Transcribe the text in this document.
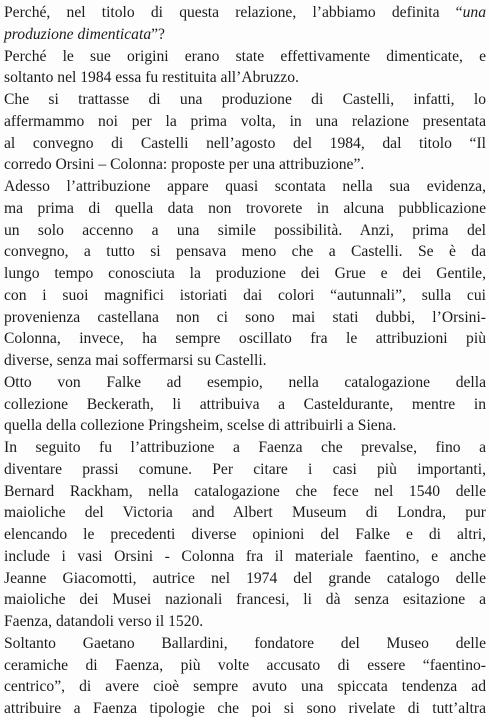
Perché, nel titolo di questa relazione, l’abbiamo definita “una
produzione dimenticata”?
Perché le sue origini erano state effettivamente dimenticate, e
soltanto nel 1984 essa fu restituita all’Abruzzo.
Che si trattasse di una produzione di Castelli, infatti, lo
affermammo noi per la prima volta, in una relazione presentata
al convegno di Castelli nell’agosto del 1984, dal titolo “Il
corredo Orsini – Colonna: proposte per una attribuzione”.
Adesso l’attribuzione appare quasi scontata nella sua evidenza,
ma prima di quella data non trovorete in alcuna pubblicazione
un solo accenno a una simile possibilità. Anzi, prima del
convegno, a tutto si pensava meno che a Castelli. Se è da
lungo tempo conosciuta la produzione dei Grue e dei Gentile,
con i suoi magnifici istoriati dai colori “autunnali”, sulla cui
provenienza castellana non ci sono mai stati dubbi, l’Orsini-
Colonna, invece, ha sempre oscillato fra le attribuzioni più
diverse, senza mai soffermarsi su Castelli.
Otto von Falke ad esempio, nella catalogazione della
collezione Beckerath, li attribuiva a Casteldurante, mentre in
quella della collezione Pringsheim, scelse di attribuirli a Siena.
In seguito fu l’attribuzione a Faenza che prevalse, fino a
diventare prassi comune. Per citare i casi più importanti,
Bernard Rackham, nella catalogazione che fece nel 1540 delle
maioliche del Victoria and Albert Museum di Londra, pur
elencando le precedenti diverse opinioni del Falke e di altri,
include i vasi Orsini - Colonna fra il materiale faentino, e anche
Jeanne Giacomotti, autrice nel 1974 del grande catalogo delle
maioliche dei Musei nazionali francesi, li dà senza esitazione a
Faenza, datandoli verso il 1520.
Soltanto Gaetano Ballardini, fondatore del Museo delle
ceramiche di Faenza, più volte accusato di essere “faentino-
centrico”, di avere cioè sempre avuto una spiccata tendenza ad
attribuire a Faenza tipologie che poi si sono rivelate di tutt’altra
